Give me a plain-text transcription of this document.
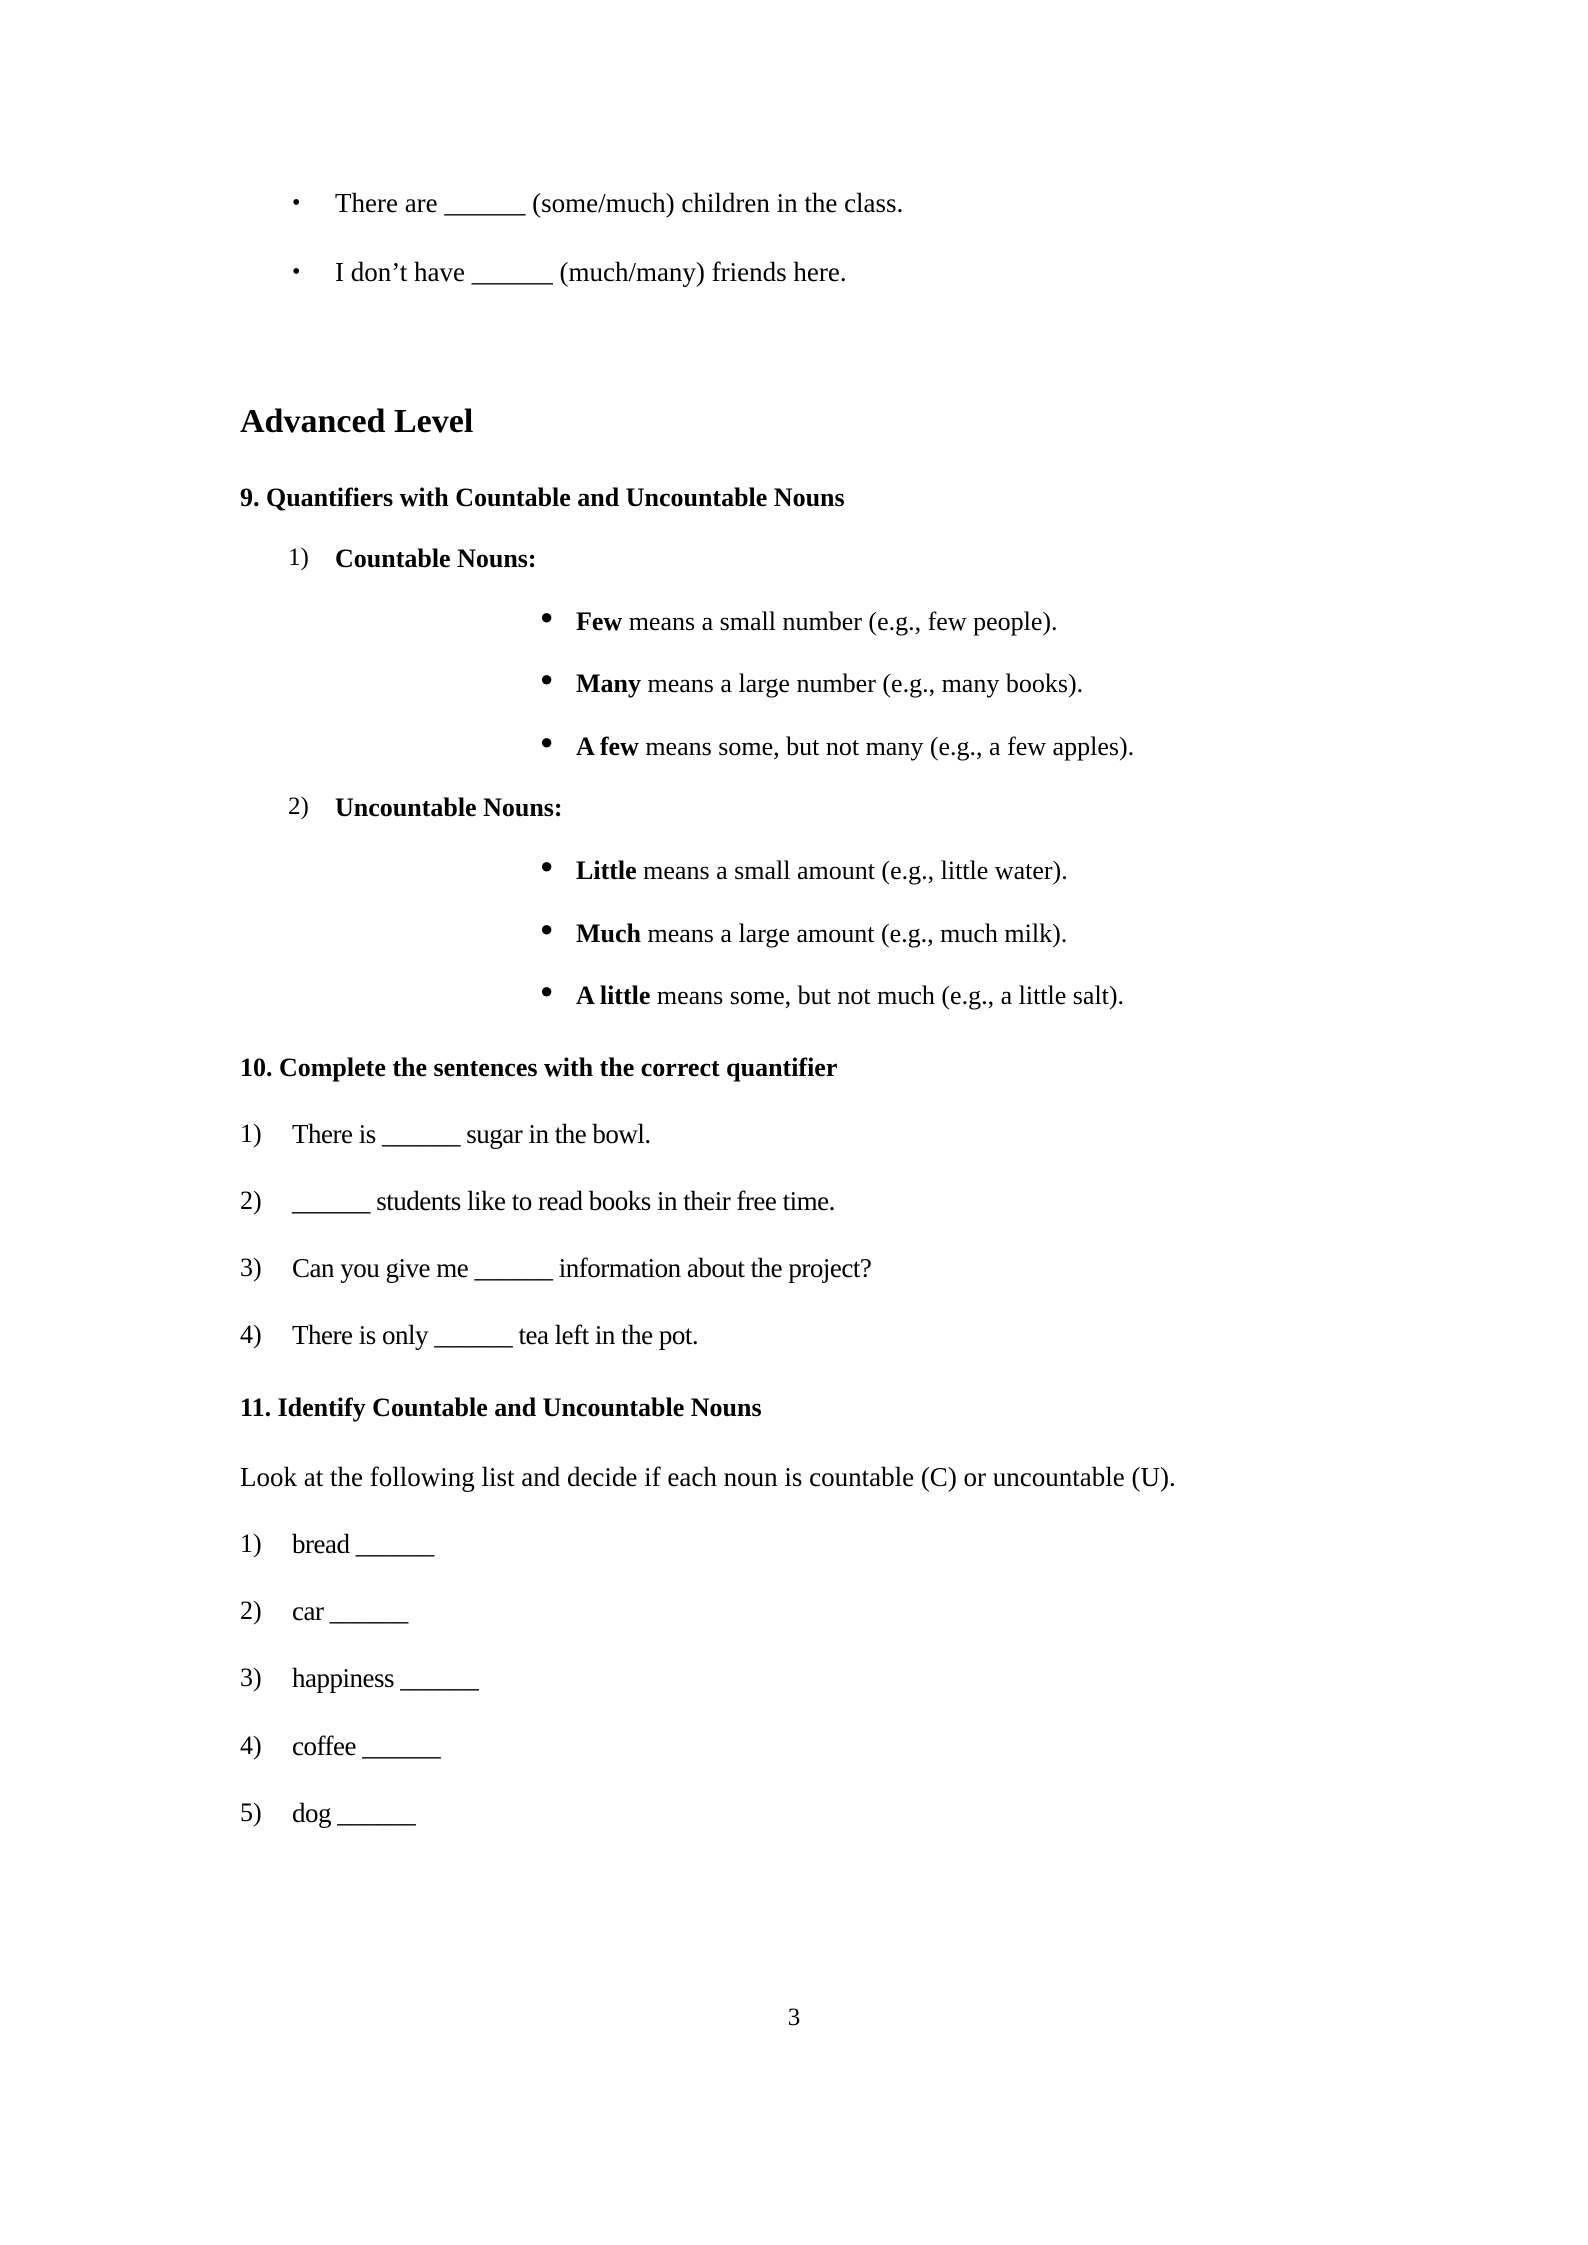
• There are ______ (some/much) children in the class.
• I don’t have ______ (much/many) friends here.
Advanced Level
9. Quantifiers with Countable and Uncountable Nouns
1) Countable Nouns:
● Few means a small number (e.g., few people).
● Many means a large number (e.g., many books).
● A few means some, but not many (e.g., a few apples).
2) Uncountable Nouns:
● Little means a small amount (e.g., little water).
● Much means a large amount (e.g., much milk).
● A little means some, but not much (e.g., a little salt).
10. Complete the sentences with the correct quantifier
1) There is ______ sugar in the bowl.
2) ______ students like to read books in their free time.
3) Can you give me ______ information about the project?
4) There is only ______ tea left in the pot.
11. Identify Countable and Uncountable Nouns

Look at the following list and decide if each noun is countable (C) or uncountable (U).

1) bread ______
2) car ______
3) happiness ______
4) coffee ______
5) dog ______
3
